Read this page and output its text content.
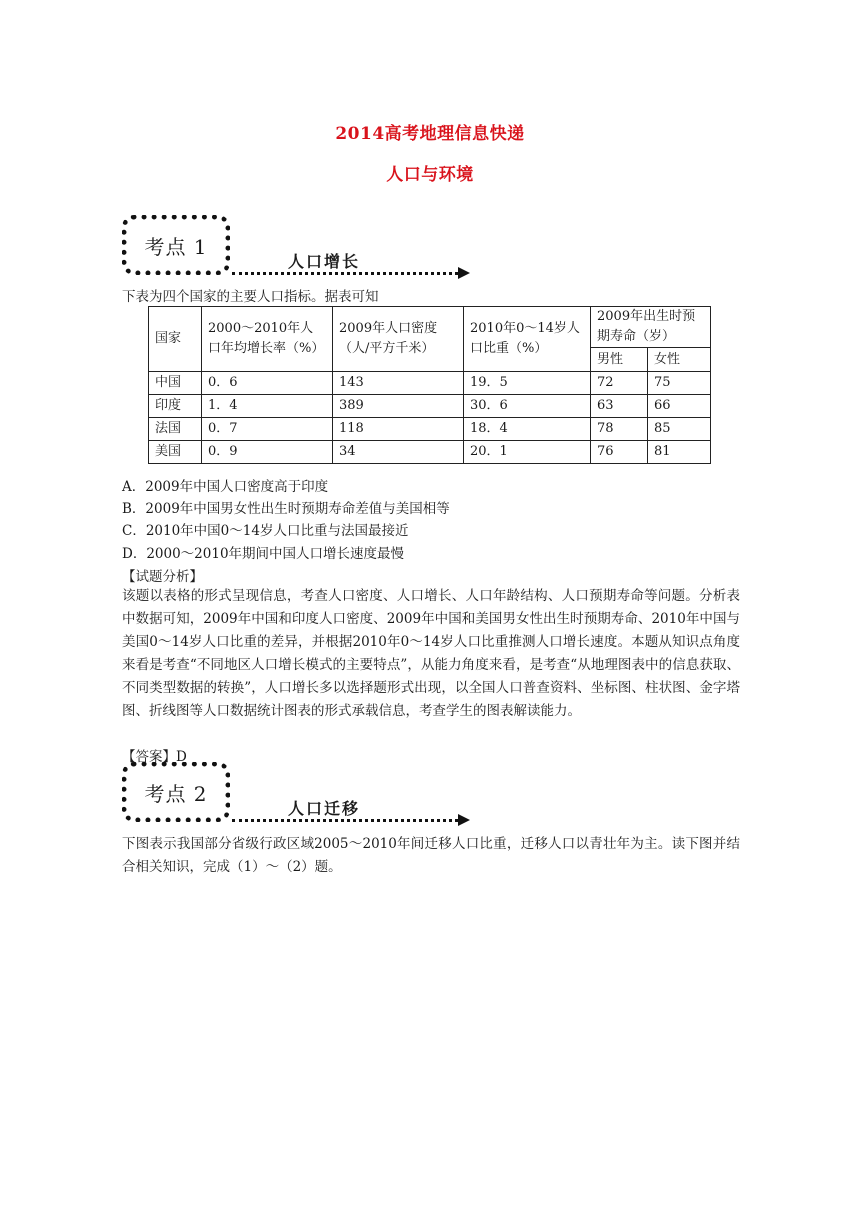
2014高考地理信息快递
人口与环境
考点 1
人口增长
下表为四个国家的主要人口指标。据表可知
国家	2000～2010年人口年均增长率（%）	2009年人口密度（人/平方千米）	2010年0～14岁人口比重（%）	2009年出生时预期寿命（岁）	
				男性	女性
中国	0．6	143	19．5	72	75
印度	1．4	389	30．6	63	66
法国	0．7	118	18．4	78	85
美国	0．9	34	20．1	76	81
A．2009年中国人口密度高于印度
B．2009年中国男女性出生时预期寿命差值与美国相等
C．2010年中国0～14岁人口比重与法国最接近
D．2000～2010年期间中国人口增长速度最慢
【试题分析】
该题以表格的形式呈现信息，考查人口密度、人口增长、人口年龄结构、人口预期寿命等问题。分析表中数据可知，2009年中国和印度人口密度、2009年中国和美国男女性出生时预期寿命、2010年中国与美国0～14岁人口比重的差异，并根据2010年0～14岁人口比重推测人口增长速度。本题从知识点角度来看是考查“不同地区人口增长模式的主要特点”，从能力角度来看，是考查“从地理图表中的信息获取、不同类型数据的转换”，人口增长多以选择题形式出现，以全国人口普查资料、坐标图、柱状图、金字塔图、折线图等人口数据统计图表的形式承载信息，考查学生的图表解读能力。
【答案】D
考点 2
人口迁移
下图表示我国部分省级行政区域2005～2010年间迁移人口比重，迁移人口以青壮年为主。读下图并结合相关知识，完成（1）～（2）题。
